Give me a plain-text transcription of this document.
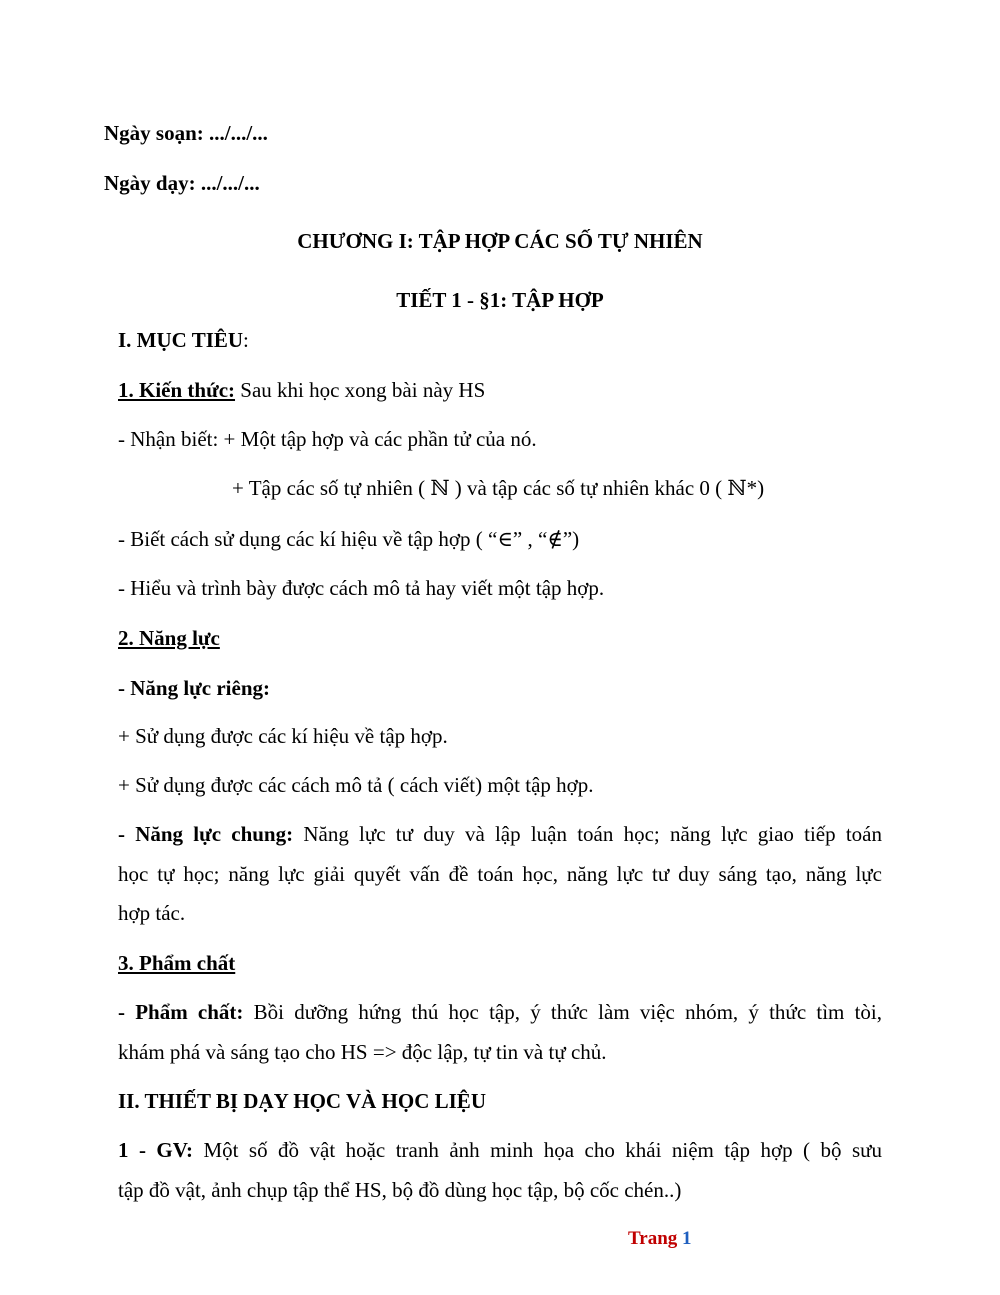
Ngày soạn: .../.../...
Ngày dạy: .../.../...
CHƯƠNG I: TẬP HỢP CÁC SỐ TỰ NHIÊN
TIẾT 1 - §1: TẬP HỢP
I. MỤC TIÊU:
1. Kiến thức: Sau khi học xong bài này HS
- Nhận biết: + Một tập hợp và các phần tử của nó.
+ Tập các số tự nhiên ( ℕ ) và tập các số tự nhiên khác 0 ( ℕ*)
- Biết cách sử dụng các kí hiệu về tập hợp ( “∈” , “∉”)
- Hiểu và trình bày được cách mô tả hay viết một tập hợp.
2. Năng lực
- Năng lực riêng:
+ Sử dụng được các kí hiệu về tập hợp.
+ Sử dụng được các cách mô tả ( cách viết) một tập hợp.
- Năng lực chung: Năng lực tư duy và lập luận toán học; năng lực giao tiếp toán
học tự học; năng lực giải quyết vấn đề toán học, năng lực tư duy sáng tạo, năng lực
hợp tác.
3. Phẩm chất
- Phẩm chất: Bồi dưỡng hứng thú học tập, ý thức làm việc nhóm, ý thức tìm tòi,
khám phá và sáng tạo cho HS => độc lập, tự tin và tự chủ.
II. THIẾT BỊ DẠY HỌC VÀ HỌC LIỆU
1 - GV: Một số đồ vật hoặc tranh ảnh minh họa cho khái niệm tập hợp ( bộ sưu
tập đồ vật, ảnh chụp tập thể HS, bộ đồ dùng học tập, bộ cốc chén..)
Trang 1
